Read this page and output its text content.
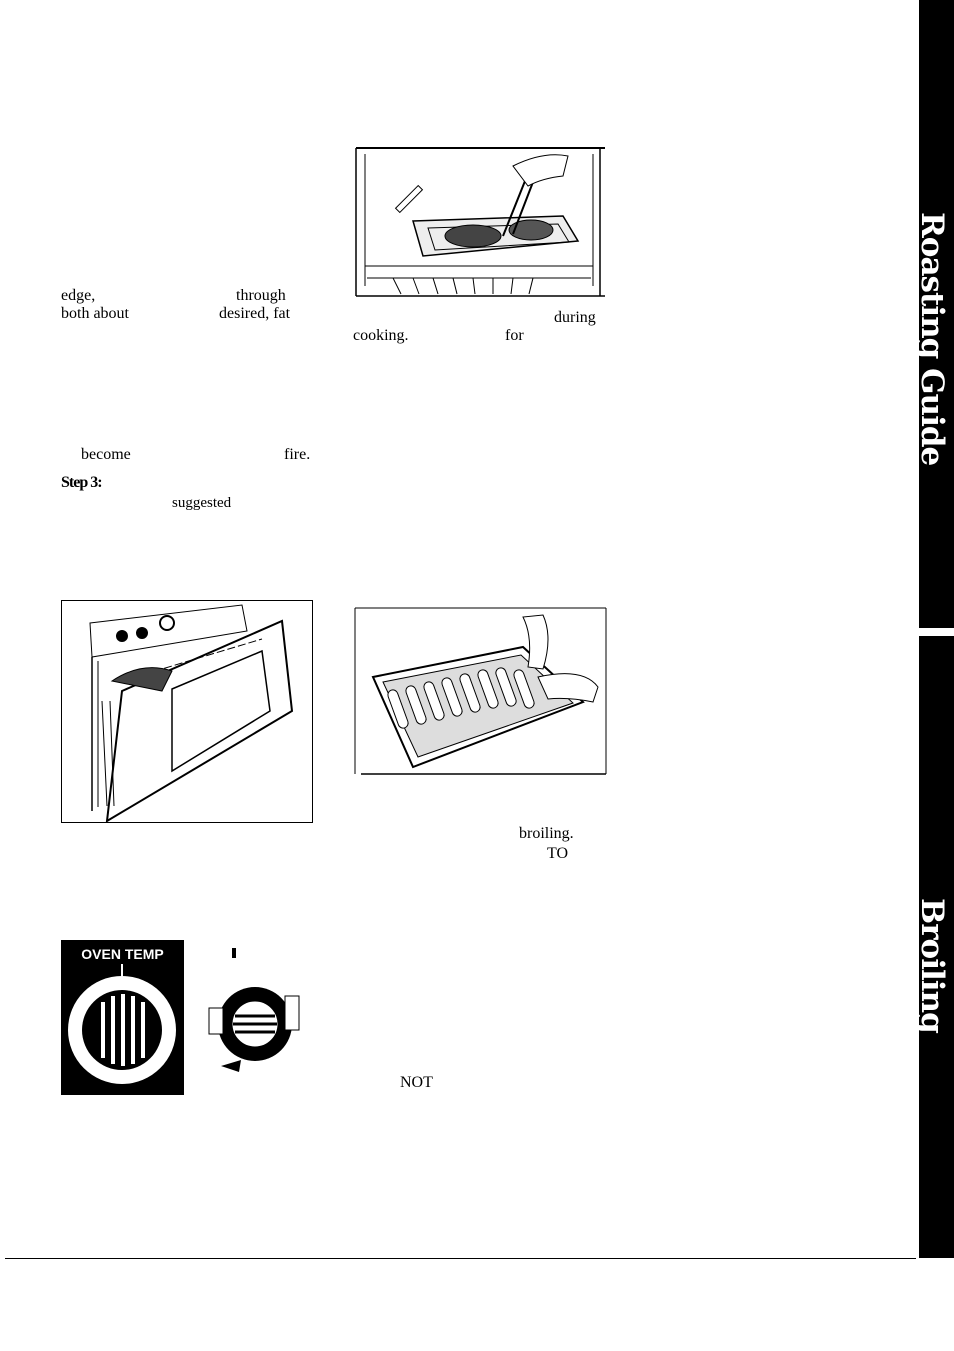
Roasting Guide
Broiling
edge,	through
both about	desired, fat
become	fire.
Step 3:
suggested
during
cooking.	for
broiling.
TO
NOT
OVEN TEMP
